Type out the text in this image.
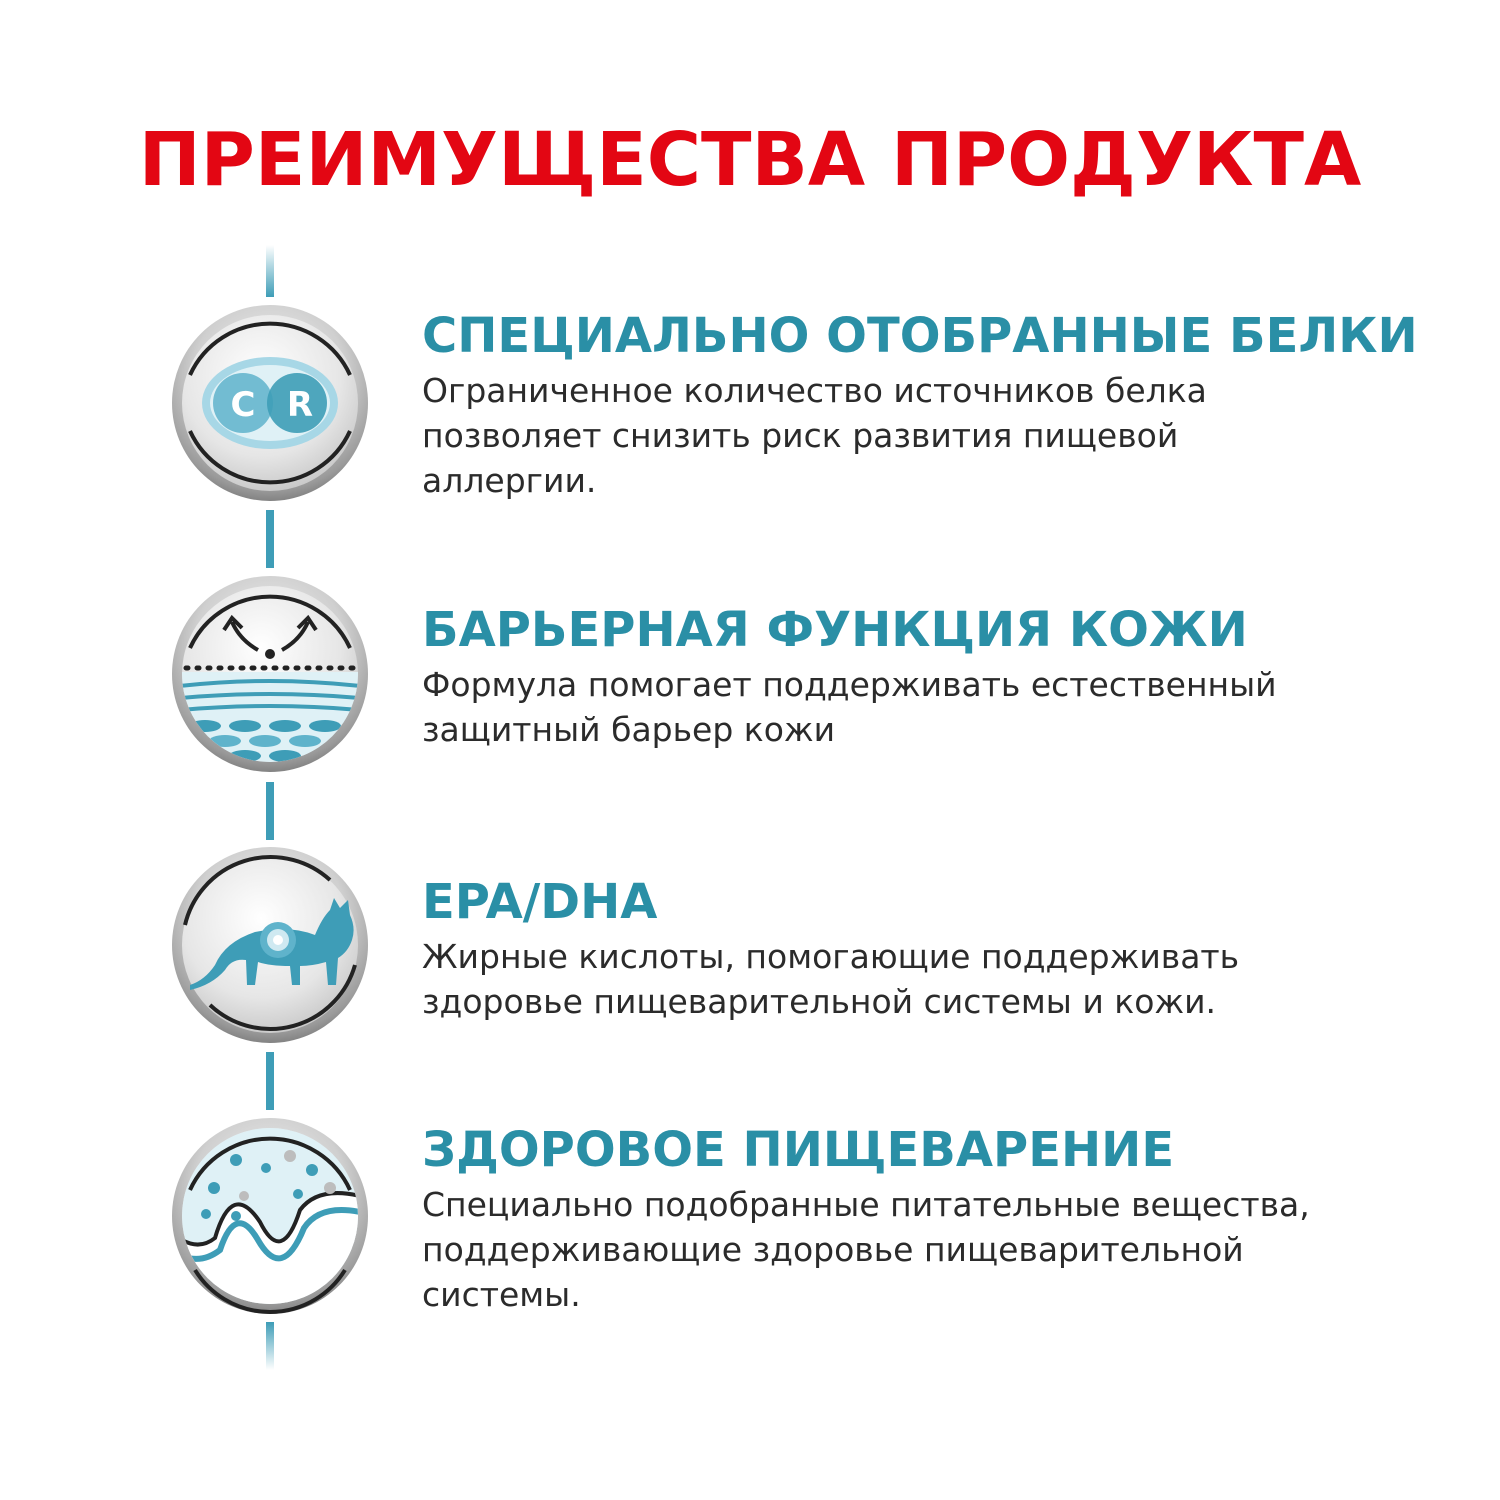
ПРЕИМУЩЕСТВА ПРОДУКТА
C R
СПЕЦИАЛЬНО ОТОБРАННЫЕ БЕЛКИ
Ограниченное количество источников белка позволяет снизить риск развития пищевой аллергии.
БАРЬЕРНАЯ ФУНКЦИЯ КОЖИ
Формула помогает поддерживать естественный защитный барьер кожи
EPA/DHA
Жирные кислоты, помогающие поддерживать здоровье пищеварительной системы и кожи.
ЗДОРОВОЕ ПИЩЕВАРЕНИЕ
Специально подобранные питательные вещества, поддерживающие здоровье пищеварительной системы.
